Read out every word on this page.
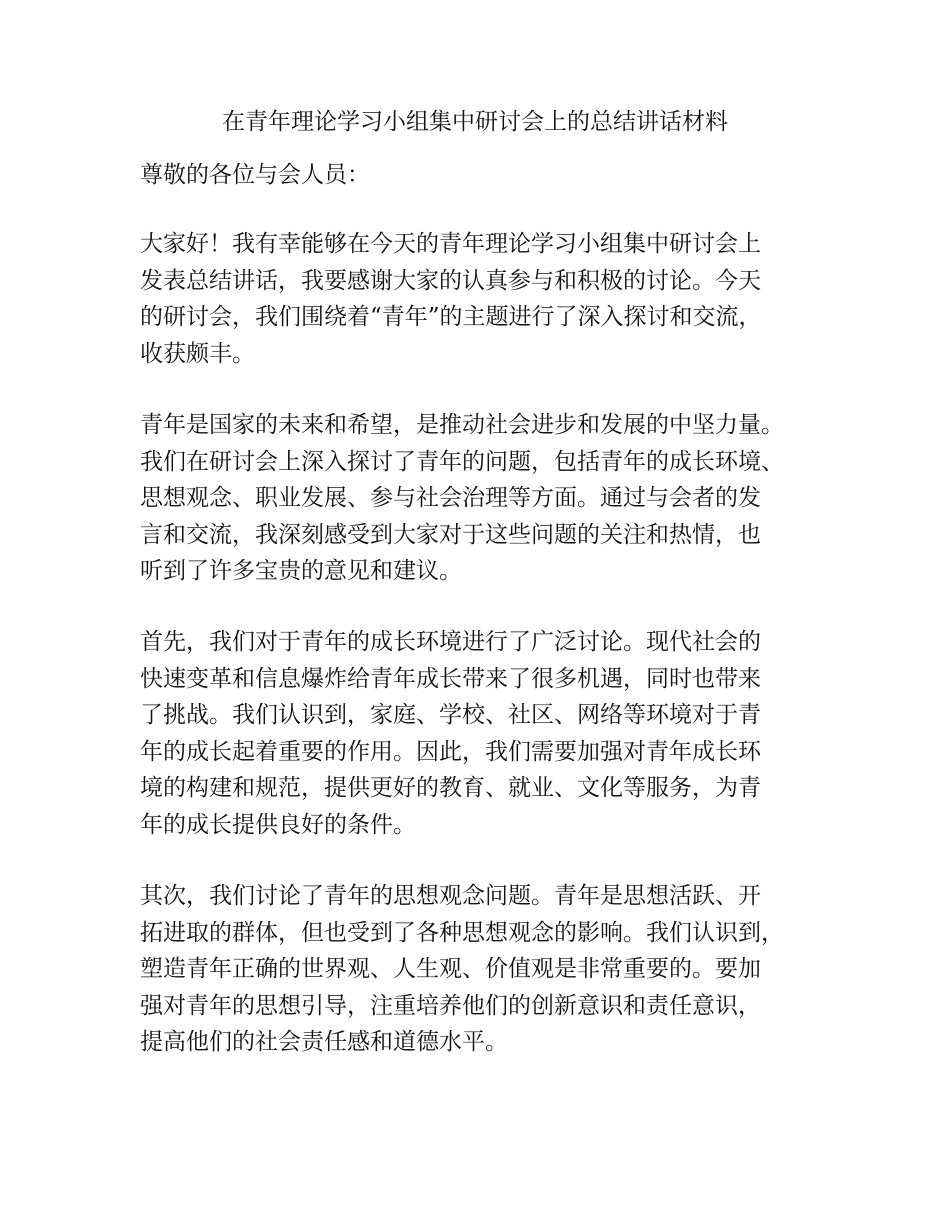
在青年理论学习小组集中研讨会上的总结讲话材料
尊敬的各位与会人员：
大家好！我有幸能够在今天的青年理论学习小组集中研讨会上
发表总结讲话，我要感谢大家的认真参与和积极的讨论。今天
的研讨会，我们围绕着“青年”的主题进行了深入探讨和交流，
收获颇丰。
青年是国家的未来和希望，是推动社会进步和发展的中坚力量。
我们在研讨会上深入探讨了青年的问题，包括青年的成长环境、
思想观念、职业发展、参与社会治理等方面。通过与会者的发
言和交流，我深刻感受到大家对于这些问题的关注和热情，也
听到了许多宝贵的意见和建议。
首先，我们对于青年的成长环境进行了广泛讨论。现代社会的
快速变革和信息爆炸给青年成长带来了很多机遇，同时也带来
了挑战。我们认识到，家庭、学校、社区、网络等环境对于青
年的成长起着重要的作用。因此，我们需要加强对青年成长环
境的构建和规范，提供更好的教育、就业、文化等服务，为青
年的成长提供良好的条件。
其次，我们讨论了青年的思想观念问题。青年是思想活跃、开
拓进取的群体，但也受到了各种思想观念的影响。我们认识到，
塑造青年正确的世界观、人生观、价值观是非常重要的。要加
强对青年的思想引导，注重培养他们的创新意识和责任意识，
提高他们的社会责任感和道德水平。
